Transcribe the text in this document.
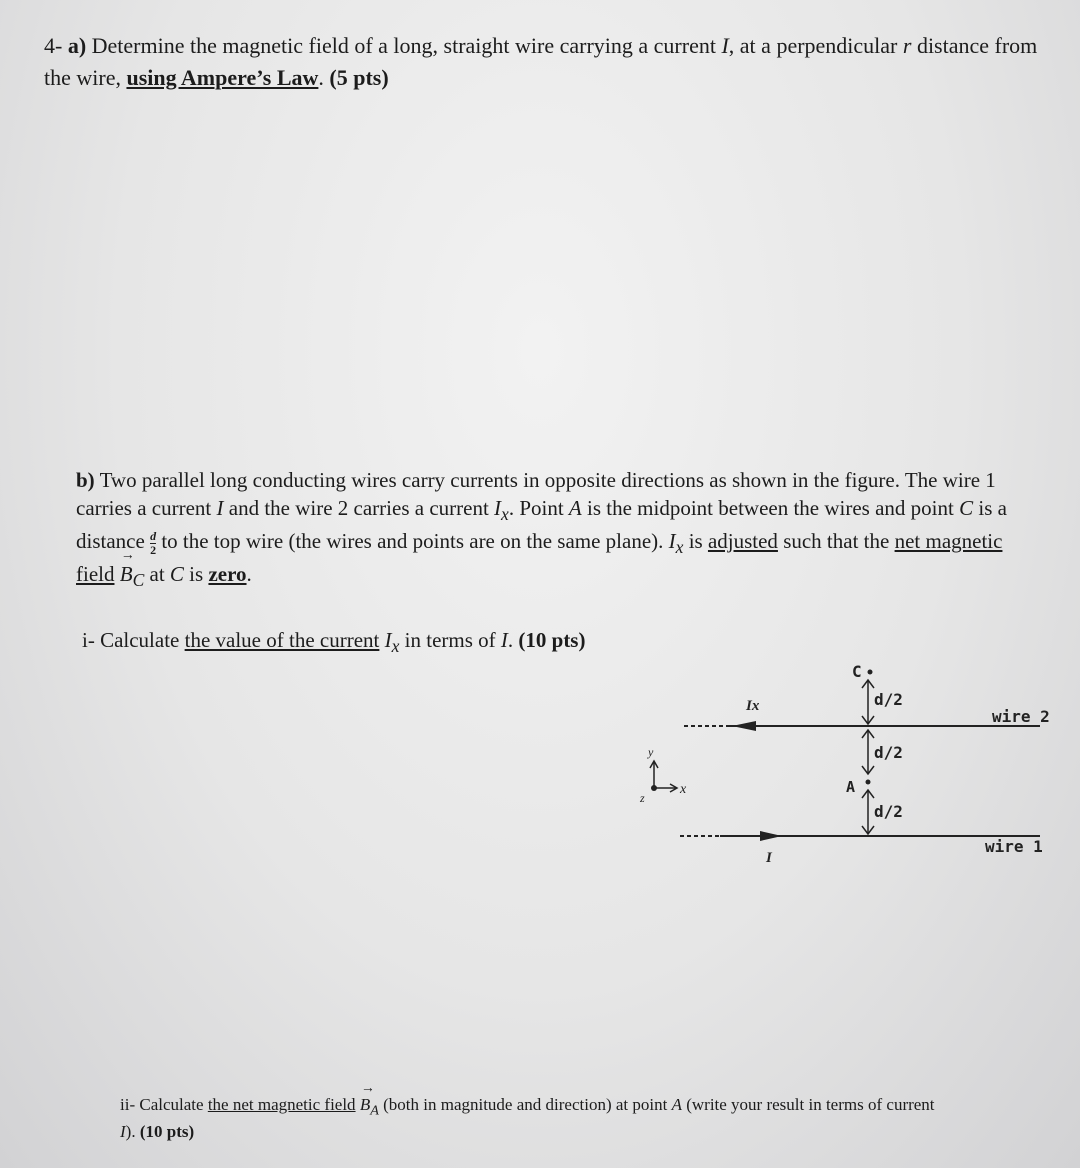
4- a) Determine the magnetic field of a long, straight wire carrying a current I, at a perpendicular r distance from the wire, using Ampere’s Law. (5 pts)
b) Two parallel long conducting wires carry currents in opposite directions as shown in the figure. The wire 1 carries a current I and the wire 2 carries a current $I_x$. Point A is the midpoint between the wires and point C is a distance $\frac{d}{2}$ to the top wire (the wires and points are on the same plane). $I_x$ is adjusted such that the net magnetic field → $B_C$ at C is zero.
i- Calculate the value of the current $I_x$ in terms of I. (10 pts)
C
d/2
d/2
A
d/2
wire 2
wire 1
Ix
I
x
y
z
ii- Calculate the net magnetic field → $B_A$ (both in magnitude and direction) at point A (write your result in terms of current I). (10 pts)
